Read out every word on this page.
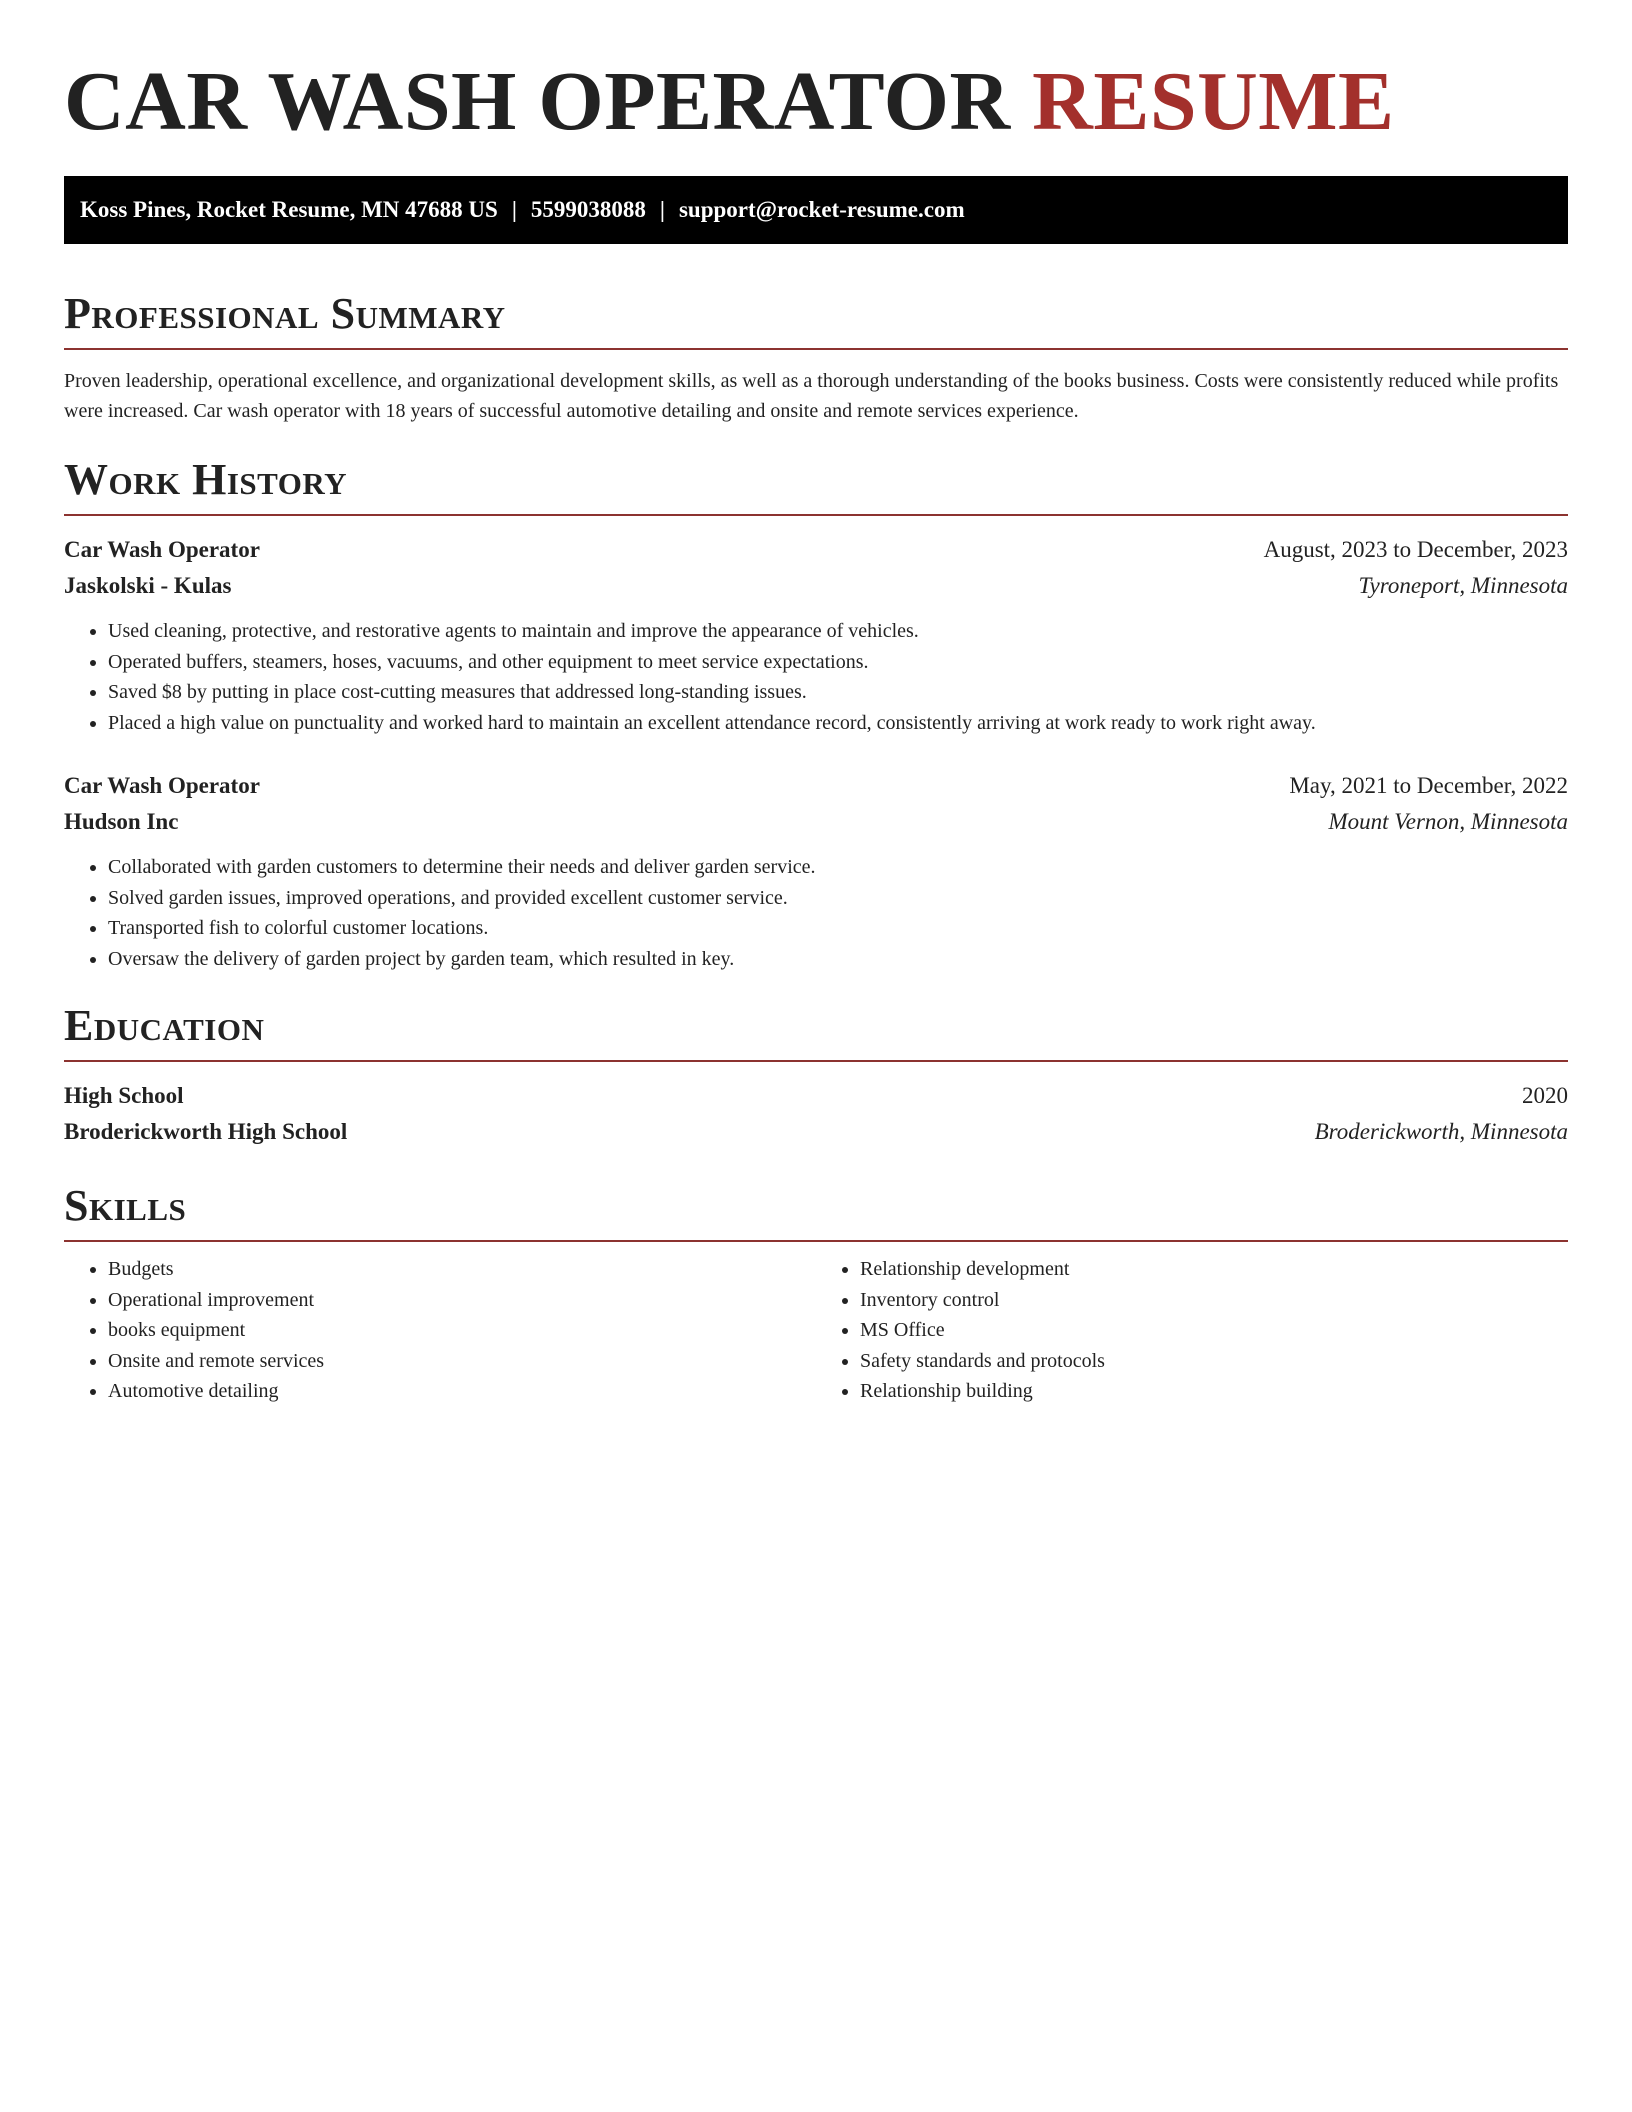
CAR WASH OPERATOR RESUME
Koss Pines, Rocket Resume, MN 47688 US | 5599038088 | support@rocket-resume.com
Professional Summary

Proven leadership, operational excellence, and organizational development skills, as well as a thorough understanding of the books business. Costs were consistently reduced while profits were increased. Car wash operator with 18 years of successful automotive detailing and onsite and remote services experience.

Work History
Car Wash Operator	August, 2023 to December, 2023
Jaskolski - Kulas	Tyroneport, Minnesota
• Used cleaning, protective, and restorative agents to maintain and improve the appearance of vehicles.
• Operated buffers, steamers, hoses, vacuums, and other equipment to meet service expectations.
• Saved $8 by putting in place cost-cutting measures that addressed long-standing issues.
• Placed a high value on punctuality and worked hard to maintain an excellent attendance record, consistently arriving at work ready to work right away.
Car Wash Operator	May, 2021 to December, 2022
Hudson Inc	Mount Vernon, Minnesota
• Collaborated with garden customers to determine their needs and deliver garden service.
• Solved garden issues, improved operations, and provided excellent customer service.
• Transported fish to colorful customer locations.
• Oversaw the delivery of garden project by garden team, which resulted in key.
Education
High School	2020
Broderickworth High School	Broderickworth, Minnesota
Skills
• Budgets
• Operational improvement
• books equipment
• Onsite and remote services
• Automotive detailing
• Relationship development
• Inventory control
• MS Office
• Safety standards and protocols
• Relationship building
